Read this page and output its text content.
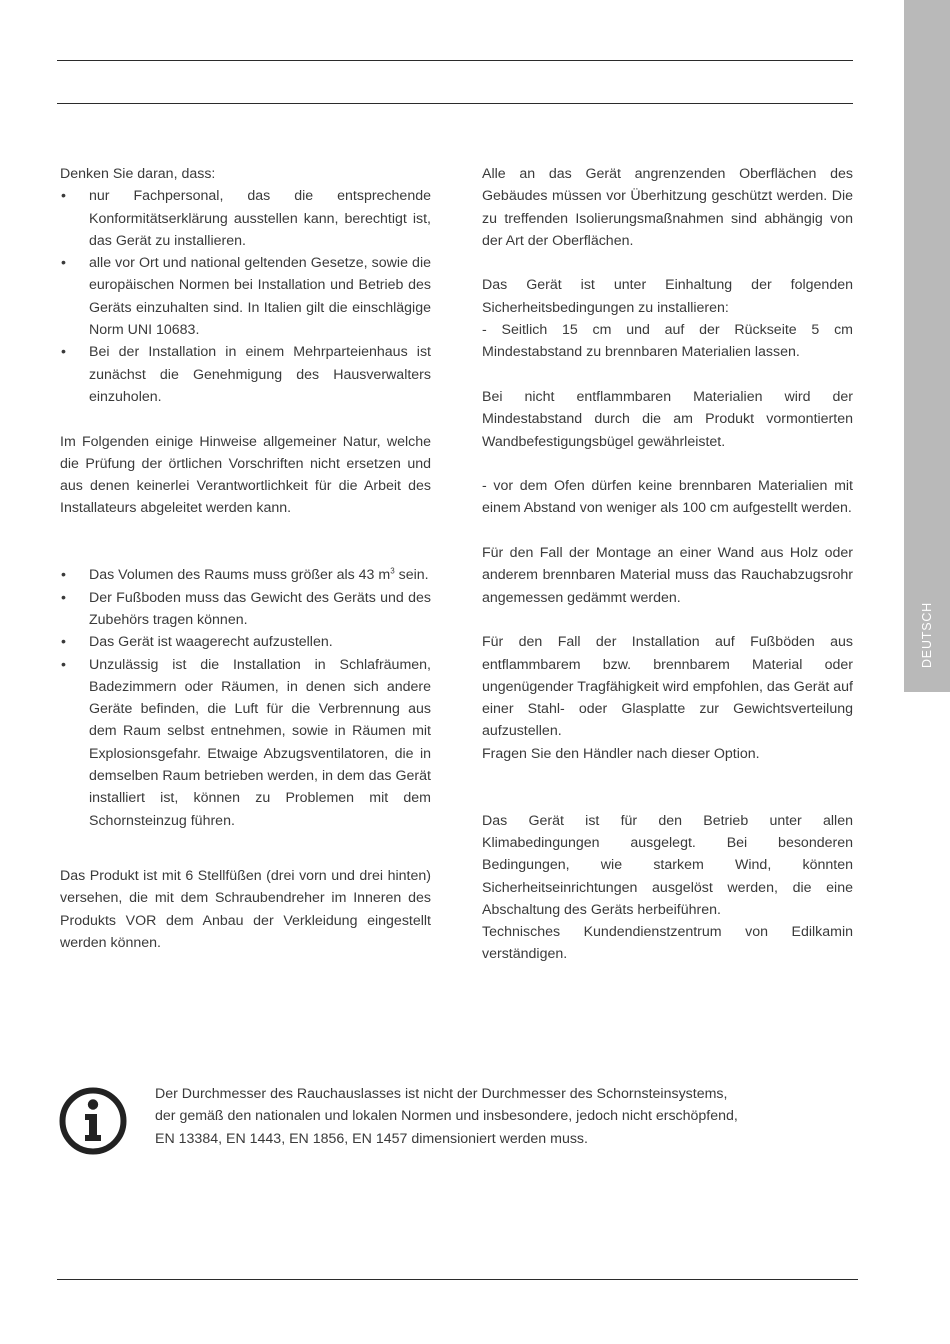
DEUTSCH

Denken Sie daran, dass:

• nur Fachpersonal, das die entsprechende Konformitätserklärung ausstellen kann, berechtigt ist, das Gerät zu installieren.
• alle vor Ort und national geltenden Gesetze, sowie die europäischen Normen bei Installation und Betrieb des Geräts einzuhalten sind. In Italien gilt die einschlägige Norm UNI 10683.
• Bei der Installation in einem Mehrparteienhaus ist zunächst die Genehmigung des Hausverwalters einzuholen.

Im Folgenden einige Hinweise allgemeiner Natur, welche die Prüfung der örtlichen Vorschriften nicht ersetzen und aus denen keinerlei Verantwortlichkeit für die Arbeit des Installateurs abgeleitet werden kann.

• Das Volumen des Raums muss größer als 43 $m^3$ sein.
• Der Fußboden muss das Gewicht des Geräts und des Zubehörs tragen können.
• Das Gerät ist waagerecht aufzustellen.
• Unzulässig ist die Installation in Schlafräumen, Badezimmern oder Räumen, in denen sich andere Geräte befinden, die Luft für die Verbrennung aus dem Raum selbst entnehmen, sowie in Räumen mit Explosionsgefahr. Etwaige Abzugsventilatoren, die in demselben Raum betrieben werden, in dem das Gerät installiert ist, können zu Problemen mit dem Schornsteinzug führen.

Das Produkt ist mit 6 Stellfüßen (drei vorn und drei hinten) versehen, die mit dem Schraubendreher im Inneren des Produkts VOR dem Anbau der Verkleidung eingestellt werden können.

Alle an das Gerät angrenzenden Oberflächen des Gebäudes müssen vor Überhitzung geschützt werden. Die zu treffenden Isolierungsmaßnahmen sind abhängig von der Art der Oberflächen.

Das Gerät ist unter Einhaltung der folgenden Sicherheitsbedingungen zu installieren:

- Seitlich 15 cm und auf der Rückseite 5 cm Mindestabstand zu brennbaren Materialien lassen.

Bei nicht entflammbaren Materialien wird der Mindestabstand durch die am Produkt vormontierten Wandbefestigungsbügel gewährleistet.

- vor dem Ofen dürfen keine brennbaren Materialien mit einem Abstand von weniger als 100 cm aufgestellt werden.

Für den Fall der Montage an einer Wand aus Holz oder anderem brennbaren Material muss das Rauchabzugsrohr angemessen gedämmt werden.

Für den Fall der Installation auf Fußböden aus entflammbarem bzw. brennbarem Material oder ungenügender Tragfähigkeit wird empfohlen, das Gerät auf einer Stahl- oder Glasplatte zur Gewichtsverteilung aufzustellen.

Fragen Sie den Händler nach dieser Option.

Das Gerät ist für den Betrieb unter allen Klimabedingungen ausgelegt. Bei besonderen Bedingungen, wie starkem Wind, könnten Sicherheitseinrichtungen ausgelöst werden, die eine Abschaltung des Geräts herbeiführen.

Technisches Kundendienstzentrum von Edilkamin verständigen.

Der Durchmesser des Rauchauslasses ist nicht der Durchmesser des Schornsteinsystems,
der gemäß den nationalen und lokalen Normen und insbesondere, jedoch nicht erschöpfend,
EN 13384, EN 1443, EN 1856, EN 1457 dimensioniert werden muss.
